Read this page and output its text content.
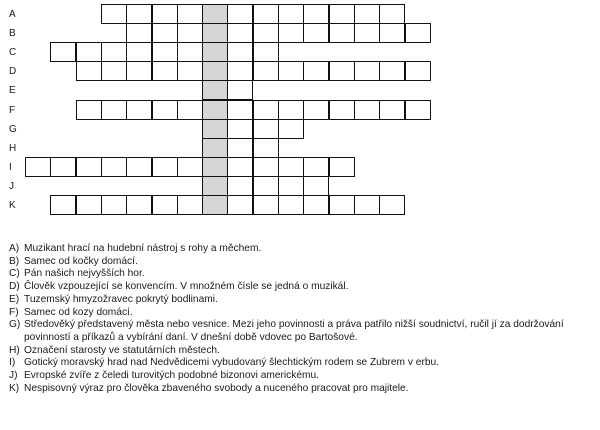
A
B
C
D
E
F
G
H
I
J
K
A) Muzikant hrací na hudební nástroj s rohy a měchem.
B) Samec od kočky domácí.
C) Pán našich nejvyšších hor.
D) Člověk vzpouzející se konvencím. V množném čísle se jedná o muzikál.
E) Tuzemský hmyzožravec pokrytý bodlinami.
F) Samec od kozy domácí.
G) Středověký představený města nebo vesnice. Mezi jeho povinnosti a práva patřilo nižší soudnictví, ručil jí za dodržování povinností a příkazů a vybírání daní. V dnešní době vdovec po Bartošové.
H) Označení starosty ve statutárních městech.
I) Gotický moravský hrad nad Nedvědicemi vybudovaný šlechtickým rodem se Zubrem v erbu.
J) Evropské zvíře z čeledi turovitých podobné bizonovi americkému.
K) Nespisovný výraz pro člověka zbaveného svobody a nuceného pracovat pro majitele.
